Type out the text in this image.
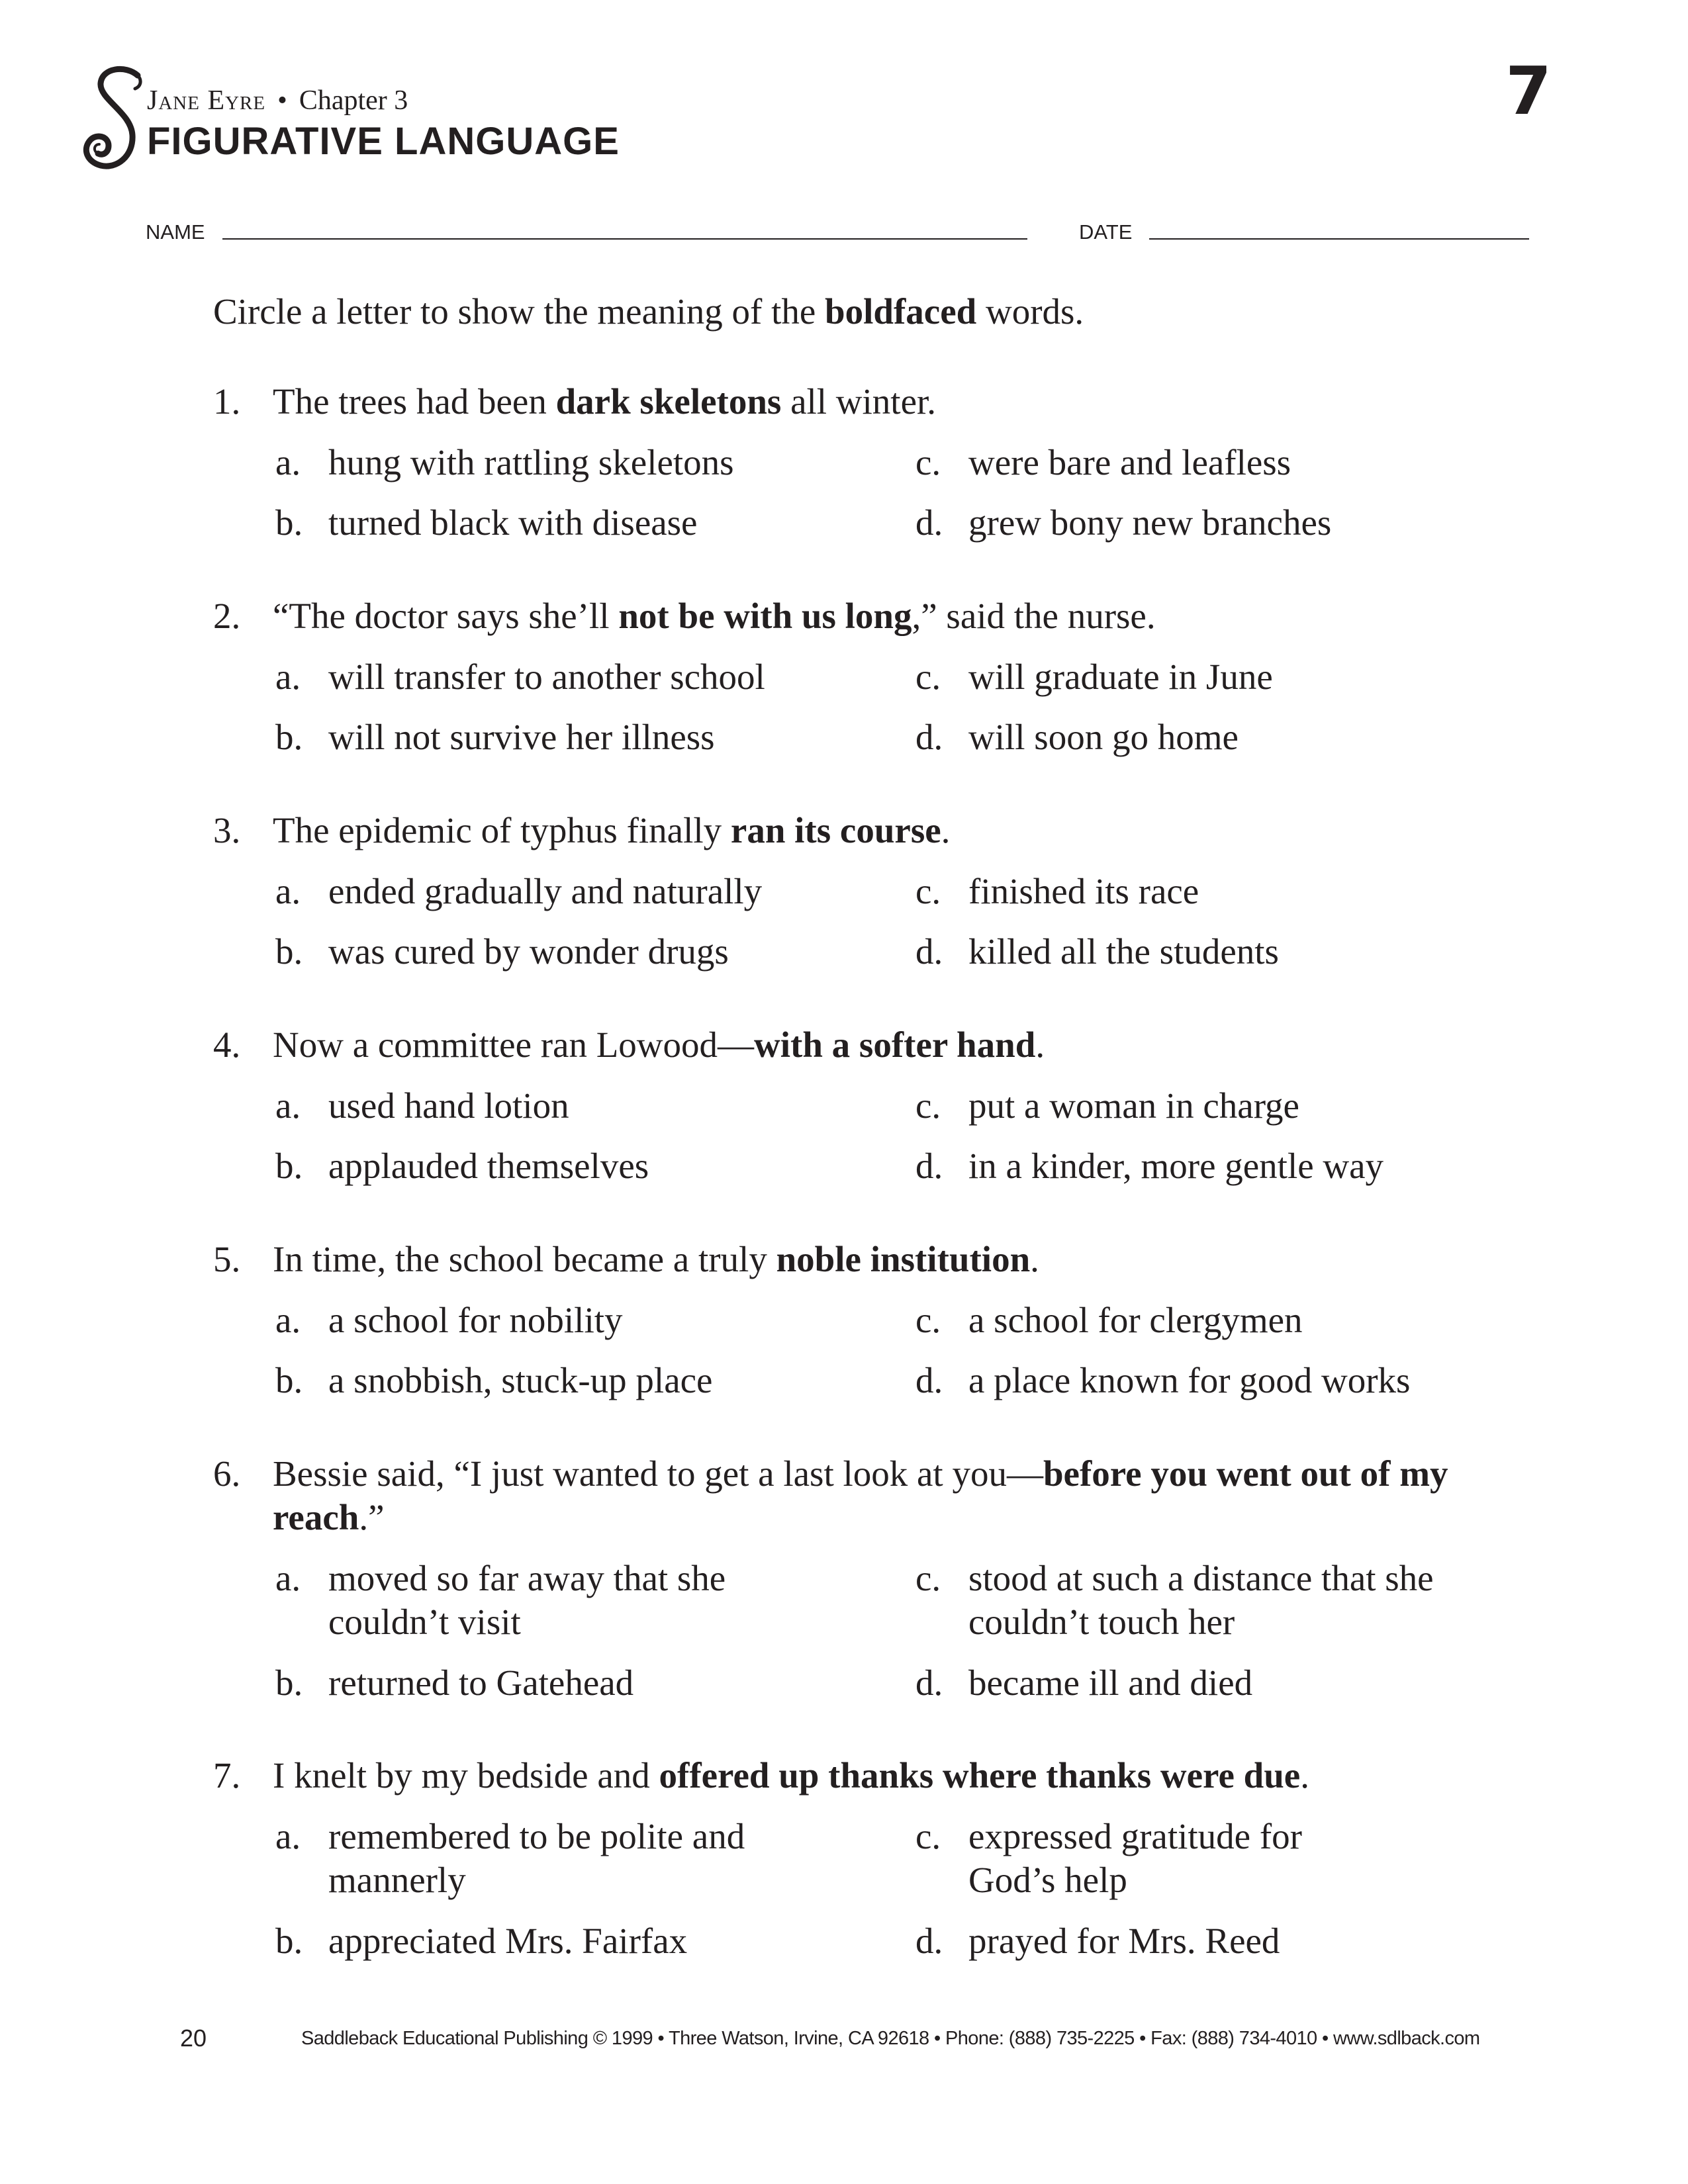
Jane Eyre • Chapter 3
FIGURATIVE LANGUAGE
7
NAME	DATE
Circle a letter to show the meaning of the boldfaced words.
1. The trees had been dark skeletons all winter.
a. hung with rattling skeletons
b. turned black with disease
c. were bare and leafless
d. grew bony new branches
2. “The doctor says she’ll not be with us long,” said the nurse.
a. will transfer to another school
b. will not survive her illness
c. will graduate in June
d. will soon go home
3. The epidemic of typhus finally ran its course.
a. ended gradually and naturally
b. was cured by wonder drugs
c. finished its race
d. killed all the students
4. Now a committee ran Lowood—with a softer hand.
a. used hand lotion
b. applauded themselves
c. put a woman in charge
d. in a kinder, more gentle way
5. In time, the school became a truly noble institution.
a. a school for nobility
b. a snobbish, stuck-up place
c. a school for clergymen
d. a place known for good works
6. Bessie said, “I just wanted to get a last look at you—before you went out of my reach.”
a. moved so far away that she couldn’t visit
b. returned to Gatehead
c. stood at such a distance that she couldn’t touch her
d. became ill and died
7. I knelt by my bedside and offered up thanks where thanks were due.
a. remembered to be polite and mannerly
b. appreciated Mrs. Fairfax
c. expressed gratitude for God’s help
d. prayed for Mrs. Reed
20	Saddleback Educational Publishing © 1999 • Three Watson, Irvine, CA 92618 • Phone: (888) 735-2225 • Fax: (888) 734-4010 • www.sdlback.com
